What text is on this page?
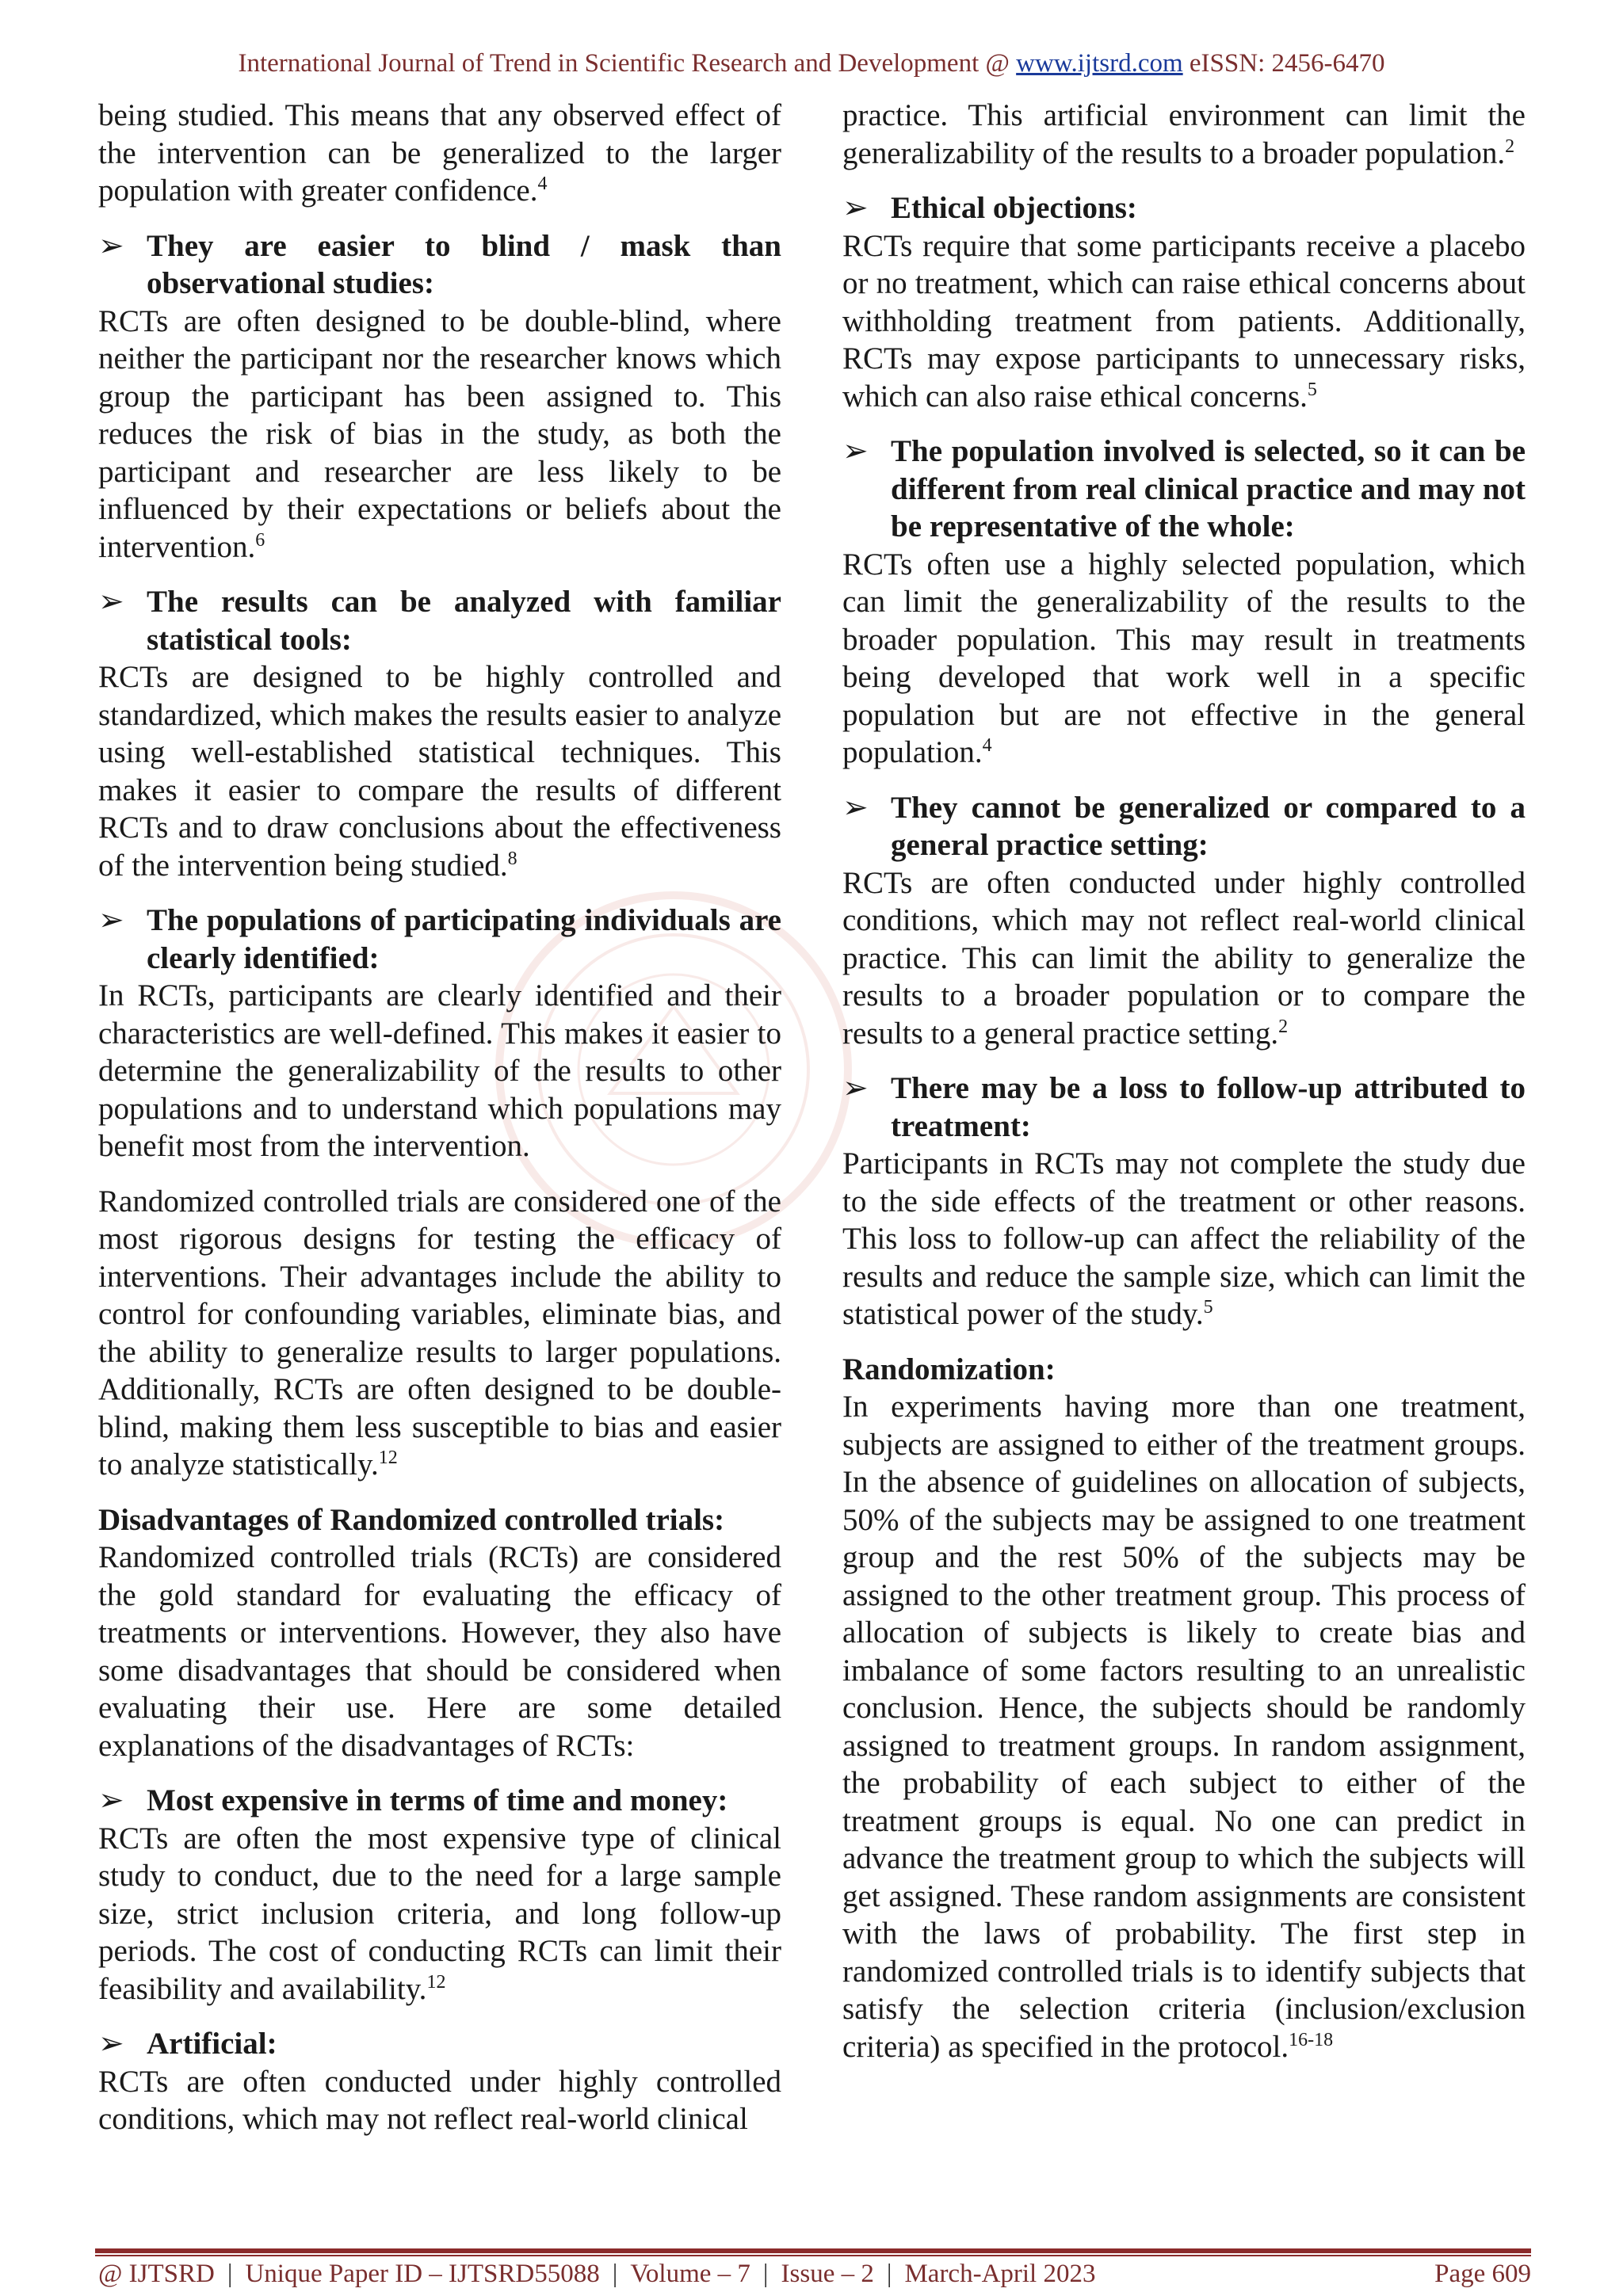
International Journal of Trend in Scientific Research and Development @ www.ijtsrd.com eISSN: 2456-6470

being studied. This means that any observed effect of the intervention can be generalized to the larger population with greater confidence.$^4$

➢ They are easier to blind / mask than observational studies:

RCTs are often designed to be double-blind, where neither the participant nor the researcher knows which group the participant has been assigned to. This reduces the risk of bias in the study, as both the participant and researcher are less likely to be influenced by their expectations or beliefs about the intervention.$^6$

➢ The results can be analyzed with familiar statistical tools:

RCTs are designed to be highly controlled and standardized, which makes the results easier to analyze using well-established statistical techniques. This makes it easier to compare the results of different RCTs and to draw conclusions about the effectiveness of the intervention being studied.$^8$

➢ The populations of participating individuals are clearly identified:

In RCTs, participants are clearly identified and their characteristics are well-defined. This makes it easier to determine the generalizability of the results to other populations and to understand which populations may benefit most from the intervention.

Randomized controlled trials are considered one of the most rigorous designs for testing the efficacy of interventions. Their advantages include the ability to control for confounding variables, eliminate bias, and the ability to generalize results to larger populations. Additionally, RCTs are often designed to be double-blind, making them less susceptible to bias and easier to analyze statistically.$^{12}$

Disadvantages of Randomized controlled trials:

Randomized controlled trials (RCTs) are considered the gold standard for evaluating the efficacy of treatments or interventions. However, they also have some disadvantages that should be considered when evaluating their use. Here are some detailed explanations of the disadvantages of RCTs:

➢ Most expensive in terms of time and money:

RCTs are often the most expensive type of clinical study to conduct, due to the need for a large sample size, strict inclusion criteria, and long follow-up periods. The cost of conducting RCTs can limit their feasibility and availability.$^{12}$

➢ Artificial:

RCTs are often conducted under highly controlled conditions, which may not reflect real-world clinical

practice. This artificial environment can limit the generalizability of the results to a broader population.$^2$

➢ Ethical objections:

RCTs require that some participants receive a placebo or no treatment, which can raise ethical concerns about withholding treatment from patients. Additionally, RCTs may expose participants to unnecessary risks, which can also raise ethical concerns.$^5$

➢ The population involved is selected, so it can be different from real clinical practice and may not be representative of the whole:

RCTs often use a highly selected population, which can limit the generalizability of the results to the broader population. This may result in treatments being developed that work well in a specific population but are not effective in the general population.$^4$

➢ They cannot be generalized or compared to a general practice setting:

RCTs are often conducted under highly controlled conditions, which may not reflect real-world clinical practice. This can limit the ability to generalize the results to a broader population or to compare the results to a general practice setting.$^2$

➢ There may be a loss to follow-up attributed to treatment:

Participants in RCTs may not complete the study due to the side effects of the treatment or other reasons. This loss to follow-up can affect the reliability of the results and reduce the sample size, which can limit the statistical power of the study.$^5$

Randomization:

In experiments having more than one treatment, subjects are assigned to either of the treatment groups. In the absence of guidelines on allocation of subjects, 50% of the subjects may be assigned to one treatment group and the rest 50% of the subjects may be assigned to the other treatment group. This process of allocation of subjects is likely to create bias and imbalance of some factors resulting to an unrealistic conclusion. Hence, the subjects should be randomly assigned to treatment groups. In random assignment, the probability of each subject to either of the treatment groups is equal. No one can predict in advance the treatment group to which the subjects will get assigned. These random assignments are consistent with the laws of probability. The first step in randomized controlled trials is to identify subjects that satisfy the selection criteria (inclusion/exclusion criteria) as specified in the protocol.$^{16-18}$

@ IJTSRD | Unique Paper ID – IJTSRD55088 | Volume – 7 | Issue – 2 | March-April 2023	Page 609
